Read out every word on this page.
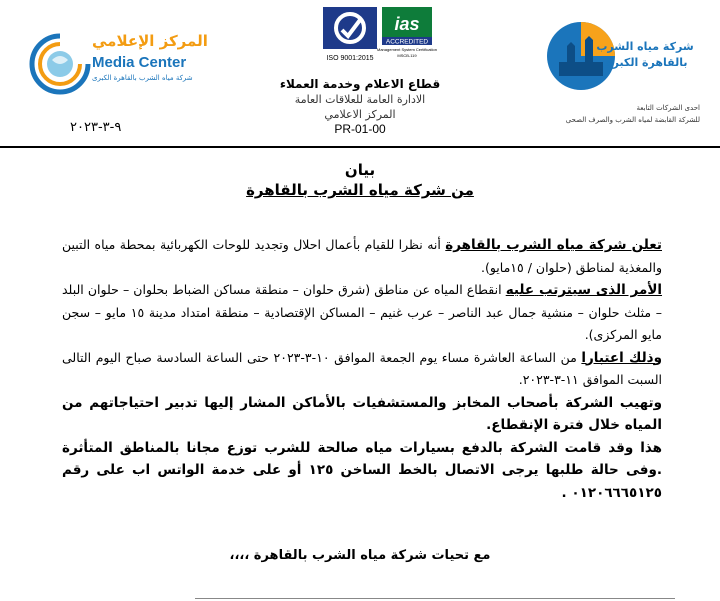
المركز الإعلامي
Media Center
شركة مياه الشرب بالقاهرة الكبرى
٩-٣-٢٠٢٣
ISO 9001:2015
ias
ACCREDITED
Management System Certification
MSCB-119
قطاع الاعلام وخدمة العملاء
الادارة العامة للعلاقات العامة
المركز الاعلامي
PR-01-00
شركة مياه الشرب
بالقاهرة الكبرى
احدى الشركات التابعة
للشركة القابضة لمياه الشرب والصرف الصحى
بيان
من شركة مياه الشرب بالقاهرة

تعلن شركة مياه الشرب بالقاهرة أنه نظرا للقيام بأعمال احلال وتجديد للوحات الكهربائية بمحطة مياه التبين والمغذية لمناطق (حلوان / ١٥مايو).

الأمر الذى سيترتب عليه انقطاع المياه عن مناطق (شرق حلوان – منطقة مساكن الضباط بحلوان – حلوان البلد – مثلث حلوان – منشية جمال عبد الناصر – عرب غنيم – المساكن الإقتصادية – منطقة امتداد مدينة ١٥ مايو – سجن مايو المركزى).

وذلك اعتبارا من الساعة العاشرة مساء يوم الجمعة الموافق ١٠-٣-٢٠٢٣ حتى الساعة السادسة صباح اليوم التالى السبت الموافق ١١-٣-٢٠٢٣.

وتهيب الشركة بأصحاب المخابز والمستشفيات بالأماكن المشار إليها تدبير احتياجاتهم من المياه خلال فترة الإنقطاع.

هذا وقد قامت الشركة بالدفع بسيارات مياه صالحة للشرب توزع مجانا بالمناطق المتأثرة .وفى حالة طلبها يرجى الاتصال بالخط الساخن ١٢٥ أو على خدمة الواتس اب على رقم ٠١٢٠٦٦٦٥١٢٥ .

مع تحيات شركة مياه الشرب بالقاهرة ،،،،
